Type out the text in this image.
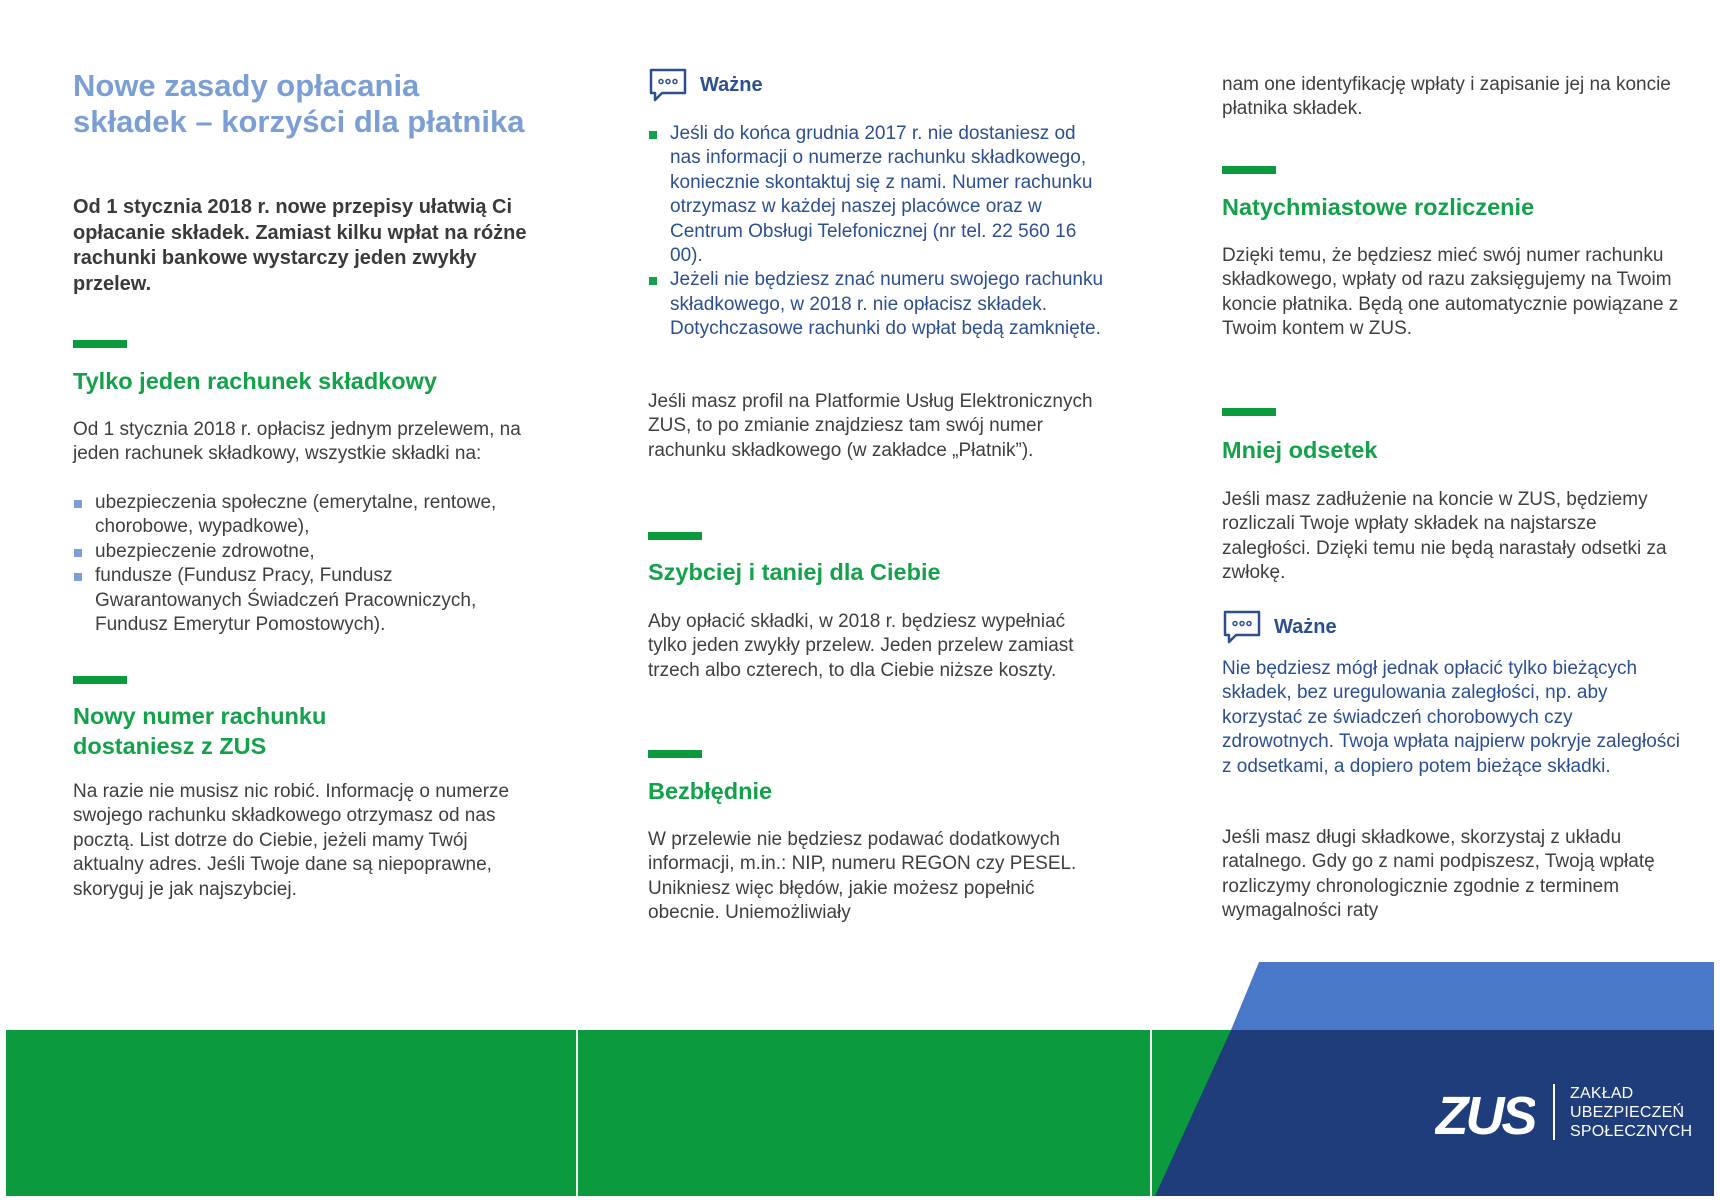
Nowe zasady opłacania składek – korzyści dla płatnika

Od 1 stycznia 2018 r. nowe przepisy ułatwią Ci opłacanie składek. Zamiast kilku wpłat na różne rachunki bankowe wystarczy jeden zwykły przelew.

Tylko jeden rachunek składkowy

Od 1 stycznia 2018 r. opłacisz jednym przelewem, na jeden rachunek składkowy, wszystkie składki na:

ubezpieczenia społeczne (emerytalne, rentowe, chorobowe, wypadkowe),
ubezpieczenie zdrowotne,
fundusze (Fundusz Pracy, Fundusz Gwarantowanych Świadczeń Pracowniczych, Fundusz Emerytur Pomostowych).
Nowy numer rachunku
dostaniesz z ZUS

Na razie nie musisz nic robić. Informację o numerze swojego rachunku składkowego otrzymasz od nas pocztą. List dotrze do Ciebie, jeżeli mamy Twój aktualny adres. Jeśli Twoje dane są niepoprawne, skoryguj je jak najszybciej.

Ważne
Jeśli do końca grudnia 2017 r. nie dostaniesz od nas informacji o numerze rachunku składkowego, koniecznie skontaktuj się z nami. Numer rachunku otrzymasz w każdej naszej placówce oraz w Centrum Obsługi Telefonicznej (nr tel. 22 560 16 00).
Jeżeli nie będziesz znać numeru swojego rachunku składkowego, w 2018 r. nie opłacisz składek. Dotychczasowe rachunki do wpłat będą zamknięte.

Jeśli masz profil na Platformie Usług Elektronicznych ZUS, to po zmianie znajdziesz tam swój numer rachunku składkowego (w zakładce „Płatnik”).

Szybciej i taniej dla Ciebie

Aby opłacić składki, w 2018 r. będziesz wypełniać tylko jeden zwykły przelew. Jeden przelew zamiast trzech albo czterech, to dla Ciebie niższe koszty.

Bezbłędnie

W przelewie nie będziesz podawać dodatkowych informacji, m.in.: NIP, numeru REGON czy PESEL. Unikniesz więc błędów, jakie możesz popełnić obecnie. Uniemożliwiały

nam one identyfikację wpłaty i zapisanie jej na koncie płatnika składek.

Natychmiastowe rozliczenie

Dzięki temu, że będziesz mieć swój numer rachunku składkowego, wpłaty od razu zaksięgujemy na Twoim koncie płatnika. Będą one automatycznie powiązane z Twoim kontem w ZUS.

Mniej odsetek

Jeśli masz zadłużenie na koncie w ZUS, będziemy rozliczali Twoje wpłaty składek na najstarsze zaległości. Dzięki temu nie będą narastały odsetki za zwłokę.

Ważne

Nie będziesz mógł jednak opłacić tylko bieżących składek, bez uregulowania zaległości, np. aby korzystać ze świadczeń chorobowych czy zdrowotnych. Twoja wpłata najpierw pokryje zaległości z odsetkami, a dopiero potem bieżące składki.

Jeśli masz długi składkowe, skorzystaj z układu ratalnego. Gdy go z nami podpiszesz, Twoją wpłatę rozliczymy chronologicznie zgodnie z terminem wymagalności raty

ZUS ZAKŁAD
UBEZPIECZEŃ
SPOŁECZNYCH
